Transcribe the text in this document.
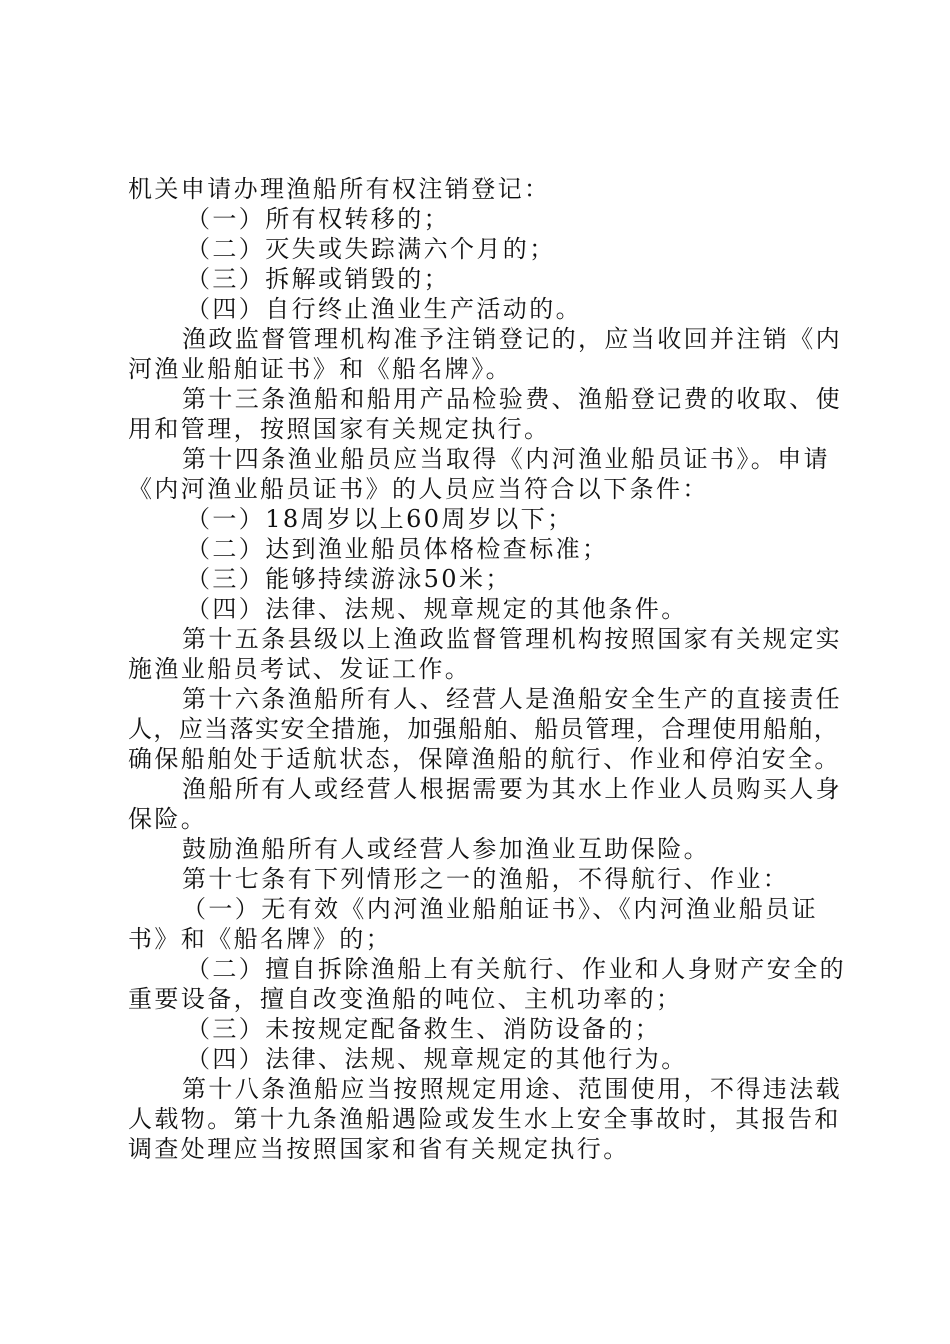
机关申请办理渔船所有权注销登记：
（一）所有权转移的；
（二）灭失或失踪满六个月的；
（三）拆解或销毁的；
（四）自行终止渔业生产活动的。
渔政监督管理机构准予注销登记的，应当收回并注销《内
河渔业船舶证书》和《船名牌》。
第十三条渔船和船用产品检验费、渔船登记费的收取、使
用和管理，按照国家有关规定执行。
第十四条渔业船员应当取得《内河渔业船员证书》。申请
《内河渔业船员证书》的人员应当符合以下条件：
（一）18周岁以上60周岁以下；
（二）达到渔业船员体格检查标准；
（三）能够持续游泳50米；
（四）法律、法规、规章规定的其他条件。
第十五条县级以上渔政监督管理机构按照国家有关规定实
施渔业船员考试、发证工作。
第十六条渔船所有人、经营人是渔船安全生产的直接责任
人，应当落实安全措施，加强船舶、船员管理，合理使用船舶，
确保船舶处于适航状态，保障渔船的航行、作业和停泊安全。
渔船所有人或经营人根据需要为其水上作业人员购买人身
保险。
鼓励渔船所有人或经营人参加渔业互助保险。
第十七条有下列情形之一的渔船，不得航行、作业：
（一）无有效《内河渔业船舶证书》、《内河渔业船员证
书》和《船名牌》的；
（二）擅自拆除渔船上有关航行、作业和人身财产安全的
重要设备，擅自改变渔船的吨位、主机功率的；
（三）未按规定配备救生、消防设备的；
（四）法律、法规、规章规定的其他行为。
第十八条渔船应当按照规定用途、范围使用，不得违法载
人载物。第十九条渔船遇险或发生水上安全事故时，其报告和
调查处理应当按照国家和省有关规定执行。
